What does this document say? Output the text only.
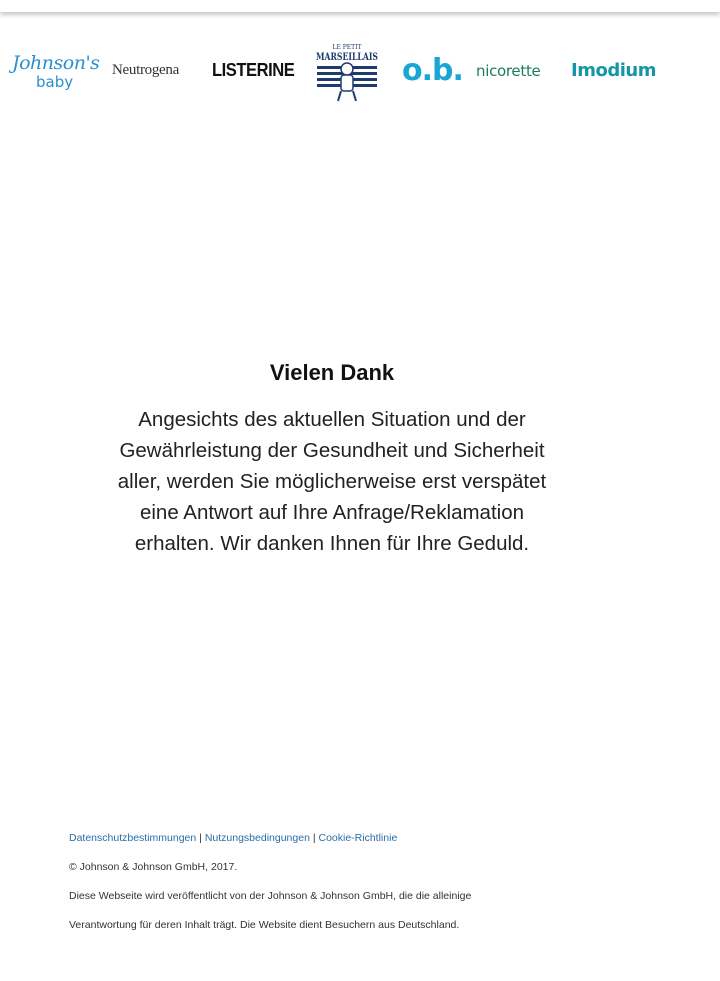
Johnson's
baby
Neutrogena LISTERINE
LE PETIT
MARSEILLAIS o.b. nicorette Imodium
Vielen Dank

Angesichts des aktuellen Situation und der Gewährleistung der Gesundheit und Sicherheit aller, werden Sie möglicherweise erst verspätet eine Antwort auf Ihre Anfrage/Reklamation erhalten. Wir danken Ihnen für Ihre Geduld.

Datenschutzbestimmungen | Nutzungsbedingungen | Cookie-Richtlinie
© Johnson & Johnson GmbH, 2017.
Diese Webseite wird veröffentlicht von der Johnson & Johnson GmbH, die die alleinige
Verantwortung für deren Inhalt trägt. Die Website dient Besuchern aus Deutschland.
